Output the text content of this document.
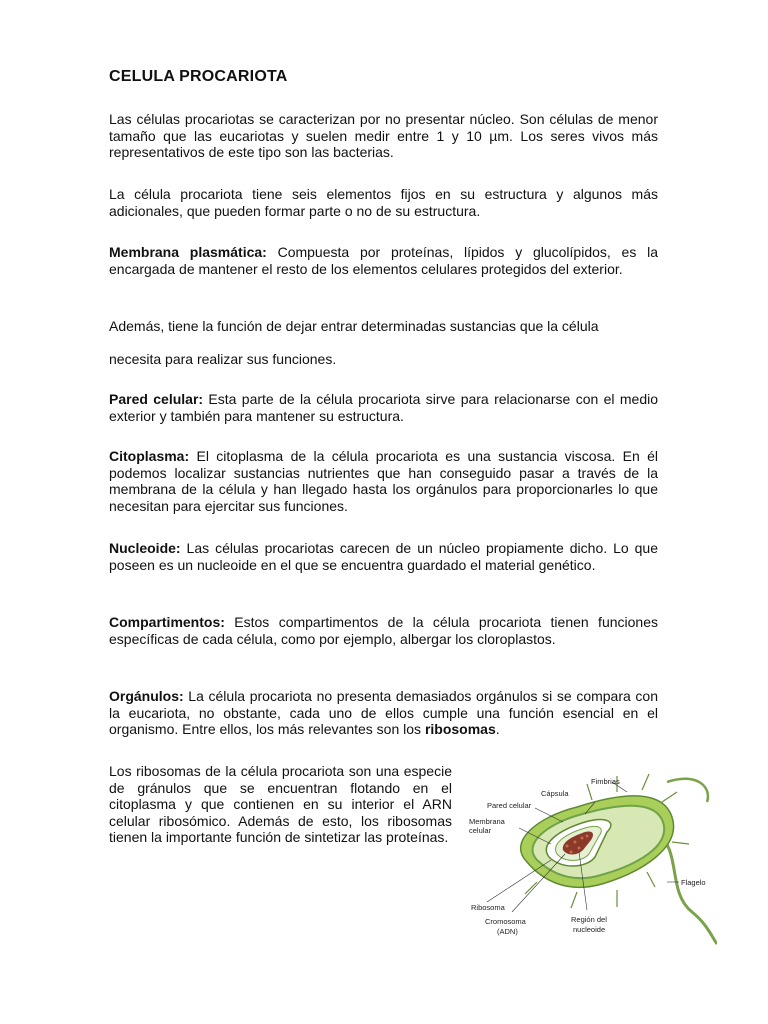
CELULA PROCARIOTA
Las células procariotas se caracterizan por no presentar núcleo. Son células de menor tamaño que las eucariotas y suelen medir entre 1 y 10 µm. Los seres vivos más representativos de este tipo son las bacterias.
La célula procariota tiene seis elementos fijos en su estructura y algunos más adicionales, que pueden formar parte o no de su estructura.
Membrana plasmática: Compuesta por proteínas, lípidos y glucolípidos, es la encargada de mantener el resto de los elementos celulares protegidos del exterior.
Además, tiene la función de dejar entrar determinadas sustancias que la célula
necesita para realizar sus funciones.
Pared celular: Esta parte de la célula procariota sirve para relacionarse con el medio exterior y también para mantener su estructura.
Citoplasma: El citoplasma de la célula procariota es una sustancia viscosa. En él podemos localizar sustancias nutrientes que han conseguido pasar a través de la membrana de la célula y han llegado hasta los orgánulos para proporcionarles lo que necesitan para ejercitar sus funciones.
Nucleoide: Las células procariotas carecen de un núcleo propiamente dicho. Lo que poseen es un nucleoide en el que se encuentra guardado el material genético.
Compartimentos: Estos compartimentos de la célula procariota tienen funciones específicas de cada célula, como por ejemplo, albergar los cloroplastos.
Orgánulos: La célula procariota no presenta demasiados orgánulos si se compara con la eucariota, no obstante, cada uno de ellos cumple una función esencial en el organismo. Entre ellos, los más relevantes son los ribosomas.
Los ribosomas de la célula procariota son una especie de gránulos que se encuentran flotando en el citoplasma y que contienen en su interior el ARN celular ribosómico. Además de esto, los ribosomas tienen la importante función de sintetizar las proteínas.
Fimbrias
Cápsula
Pared celular
Membrana
celular
Flagelo
Ribosoma
Cromosoma
(ADN)
Región del
nucleoide
